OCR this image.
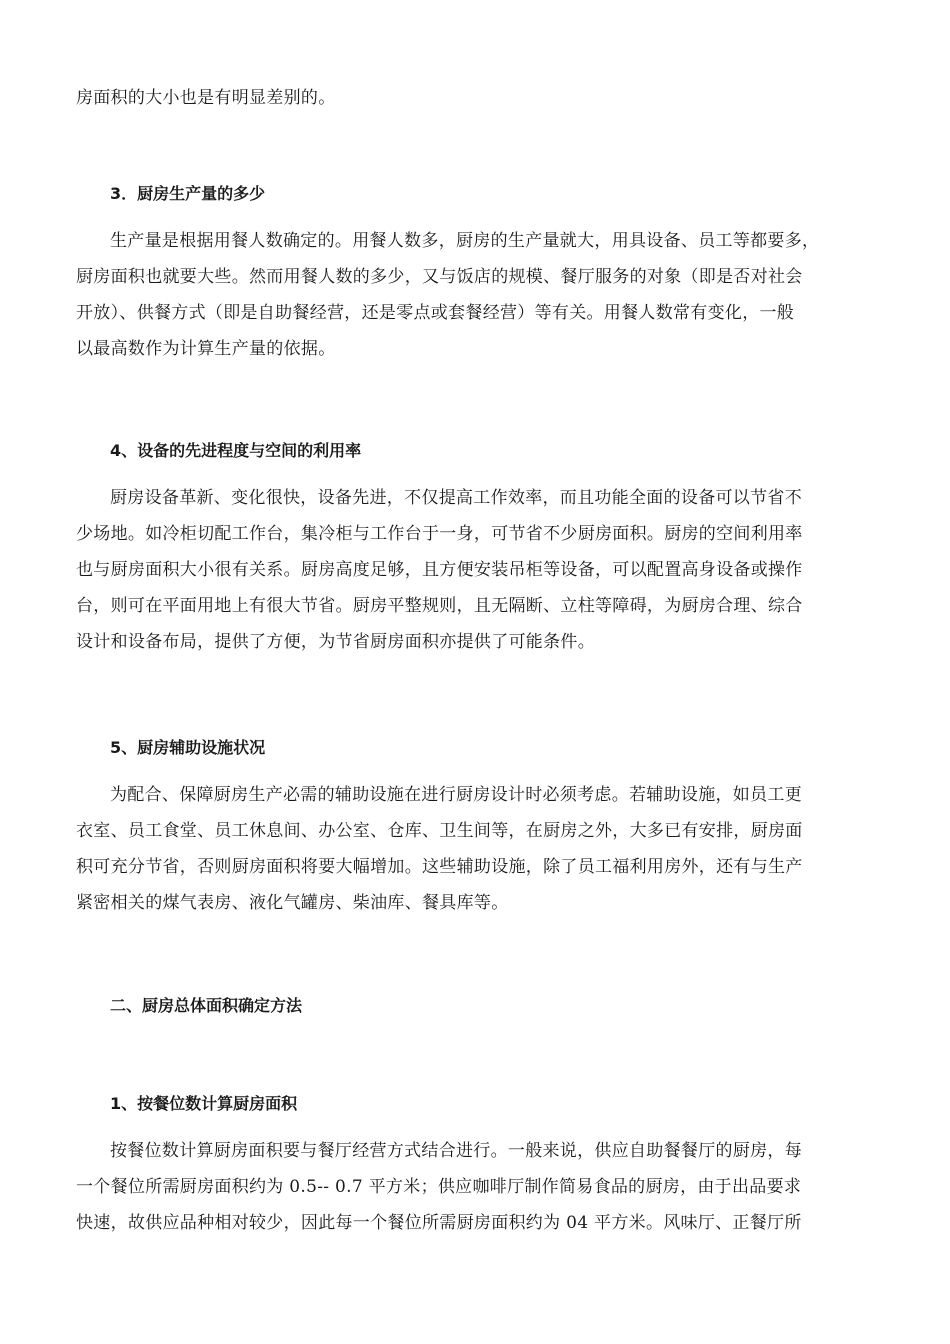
房面积的大小也是有明显差别的。
3．厨房生产量的多少
生产量是根据用餐人数确定的。用餐人数多，厨房的生产量就大，用具设备、员工等都要多，
厨房面积也就要大些。然而用餐人数的多少，又与饭店的规模、餐厅服务的对象（即是否对社会
开放）、供餐方式（即是自助餐经营，还是零点或套餐经营）等有关。用餐人数常有变化，一般
以最高数作为计算生产量的依据。
4、设备的先进程度与空间的利用率
厨房设备革新、变化很快，设备先进，不仅提高工作效率，而且功能全面的设备可以节省不
少场地。如冷柜切配工作台，集冷柜与工作台于一身，可节省不少厨房面积。厨房的空间利用率
也与厨房面积大小很有关系。厨房高度足够，且方便安装吊柜等设备，可以配置高身设备或操作
台，则可在平面用地上有很大节省。厨房平整规则，且无隔断、立柱等障碍，为厨房合理、综合
设计和设备布局，提供了方便，为节省厨房面积亦提供了可能条件。
5、厨房辅助设施状况
为配合、保障厨房生产必需的辅助设施在进行厨房设计时必须考虑。若辅助设施，如员工更
衣室、员工食堂、员工休息间、办公室、仓库、卫生间等，在厨房之外，大多已有安排，厨房面
积可充分节省，否则厨房面积将要大幅增加。这些辅助设施，除了员工福利用房外，还有与生产
紧密相关的煤气表房、液化气罐房、柴油库、餐具库等。
二、厨房总体面积确定方法
1、按餐位数计算厨房面积
按餐位数计算厨房面积要与餐厅经营方式结合进行。一般来说，供应自助餐餐厅的厨房，每
一个餐位所需厨房面积约为 0.5-- 0.7 平方米；供应咖啡厅制作简易食品的厨房，由于出品要求
快速，故供应品种相对较少，因此每一个餐位所需厨房面积约为 04 平方米。风味厅、正餐厅所
